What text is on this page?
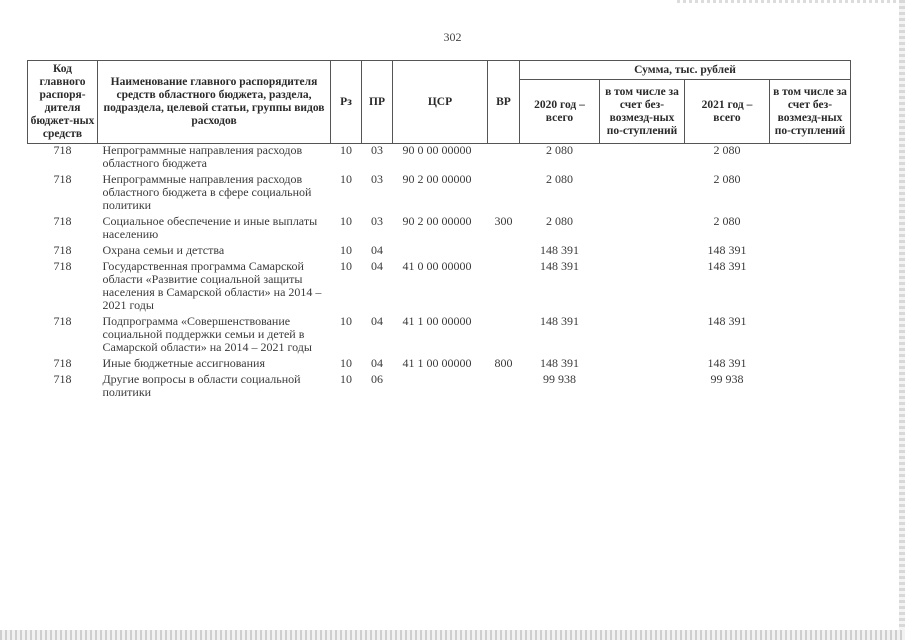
302
Код главного распоря-дителя бюджет-ных средств	Наименование главного распорядителя средств областного бюджета, раздела, подраздела, целевой статьи, группы видов расходов	Рз	ПР	ЦСР	ВР	Сумма, тыс. рублей			
						2020 год – всего	в том числе за счет без-возмезд-ных по-ступлений	2021 год – всего	в том числе за счет без-возмезд-ных по-ступлений
718	Непрограммные направления расходов областного бюджета	10	03	90 0 00 00000		2 080		2 080	
718	Непрограммные направления расходов областного бюджета в сфере социальной политики	10	03	90 2 00 00000		2 080		2 080	
718	Социальное обеспечение и иные выплаты населению	10	03	90 2 00 00000	300	2 080		2 080	
718	Охрана семьи и детства	10	04			148 391		148 391	
718	Государственная программа Самарской области «Развитие социальной защиты населения в Самарской области» на 2014 – 2021 годы	10	04	41 0 00 00000		148 391		148 391	
718	Подпрограмма «Совершенствование социальной поддержки семьи и детей в Самарской области» на 2014 – 2021 годы	10	04	41 1 00 00000		148 391		148 391	
718	Иные бюджетные ассигнования	10	04	41 1 00 00000	800	148 391		148 391	
718	Другие вопросы в области социальной политики	10	06			99 938		99 938	
